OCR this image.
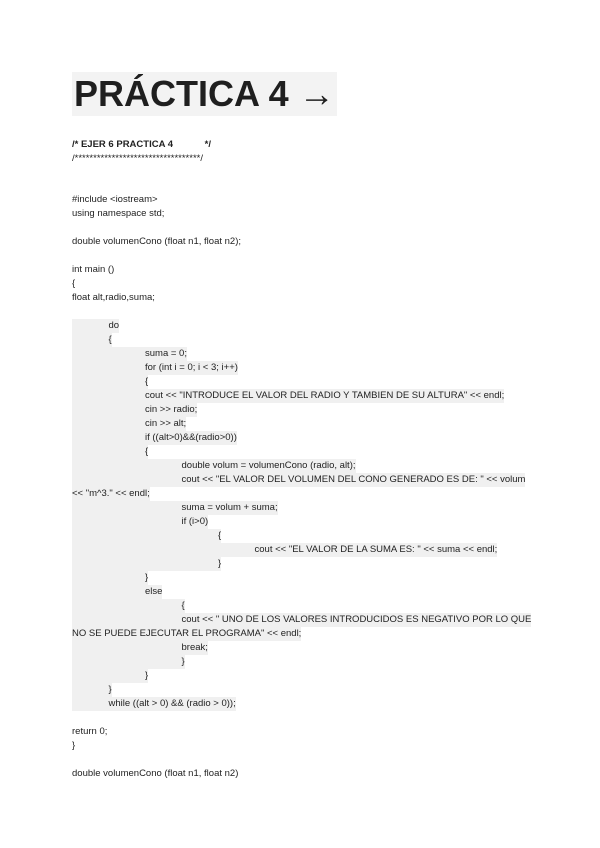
PRÁCTICA 4 →
/* EJER 6 PRACTICA 4            */
/**********************************/
#include <iostream>
using namespace std;
double volumenCono (float n1, float n2);
int main ()
{
float alt,radio,suma;
do
{
suma = 0;
for (int i = 0; i < 3; i++)
{
cout << "INTRODUCE EL VALOR DEL RADIO Y TAMBIEN DE SU ALTURA" << endl;
cin >> radio;
cin >> alt;
if ((alt>0)&&(radio>0))
{
double volum = volumenCono (radio, alt);
cout << "EL VALOR DEL VOLUMEN DEL CONO GENERADO ES DE: " << volum
<< "m^3." << endl;
suma = volum + suma;
if (i>0)
{
cout << "EL VALOR DE LA SUMA ES: " << suma << endl;
}
}
else
{
cout << " UNO DE LOS VALORES INTRODUCIDOS ES NEGATIVO POR LO QUE
NO SE PUEDE EJECUTAR EL PROGRAMA" << endl;
break;
}
}
}
while ((alt > 0) && (radio > 0));
return 0;
}
double volumenCono (float n1, float n2)
